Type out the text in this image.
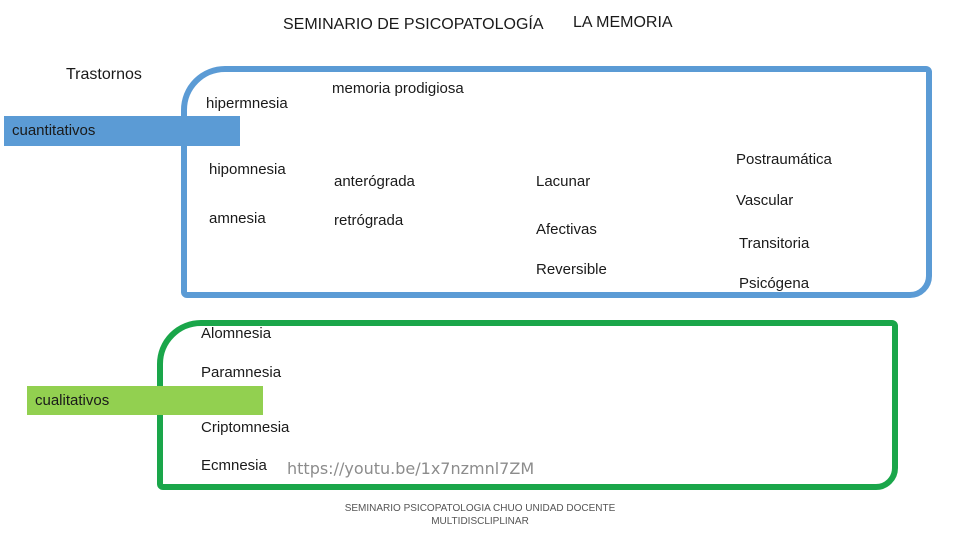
SEMINARIO DE PSICOPATOLOGÍA LA MEMORIA
Trastornos
cuantitativos
cualitativos
hipermnesia
hipomnesia
amnesia
memoria prodigiosa
anterógrada
retrógrada
Lacunar
Afectivas
Reversible
Postraumática
Vascular
Transitoria
Psicógena
Alomnesia
Paramnesia
Criptomnesia
Ecmnesia https://youtu.be/1x7nzmnl7ZM
SEMINARIO PSICOPATOLOGIA CHUO UNIDAD DOCENTE
MULTIDISCLIPLINAR
